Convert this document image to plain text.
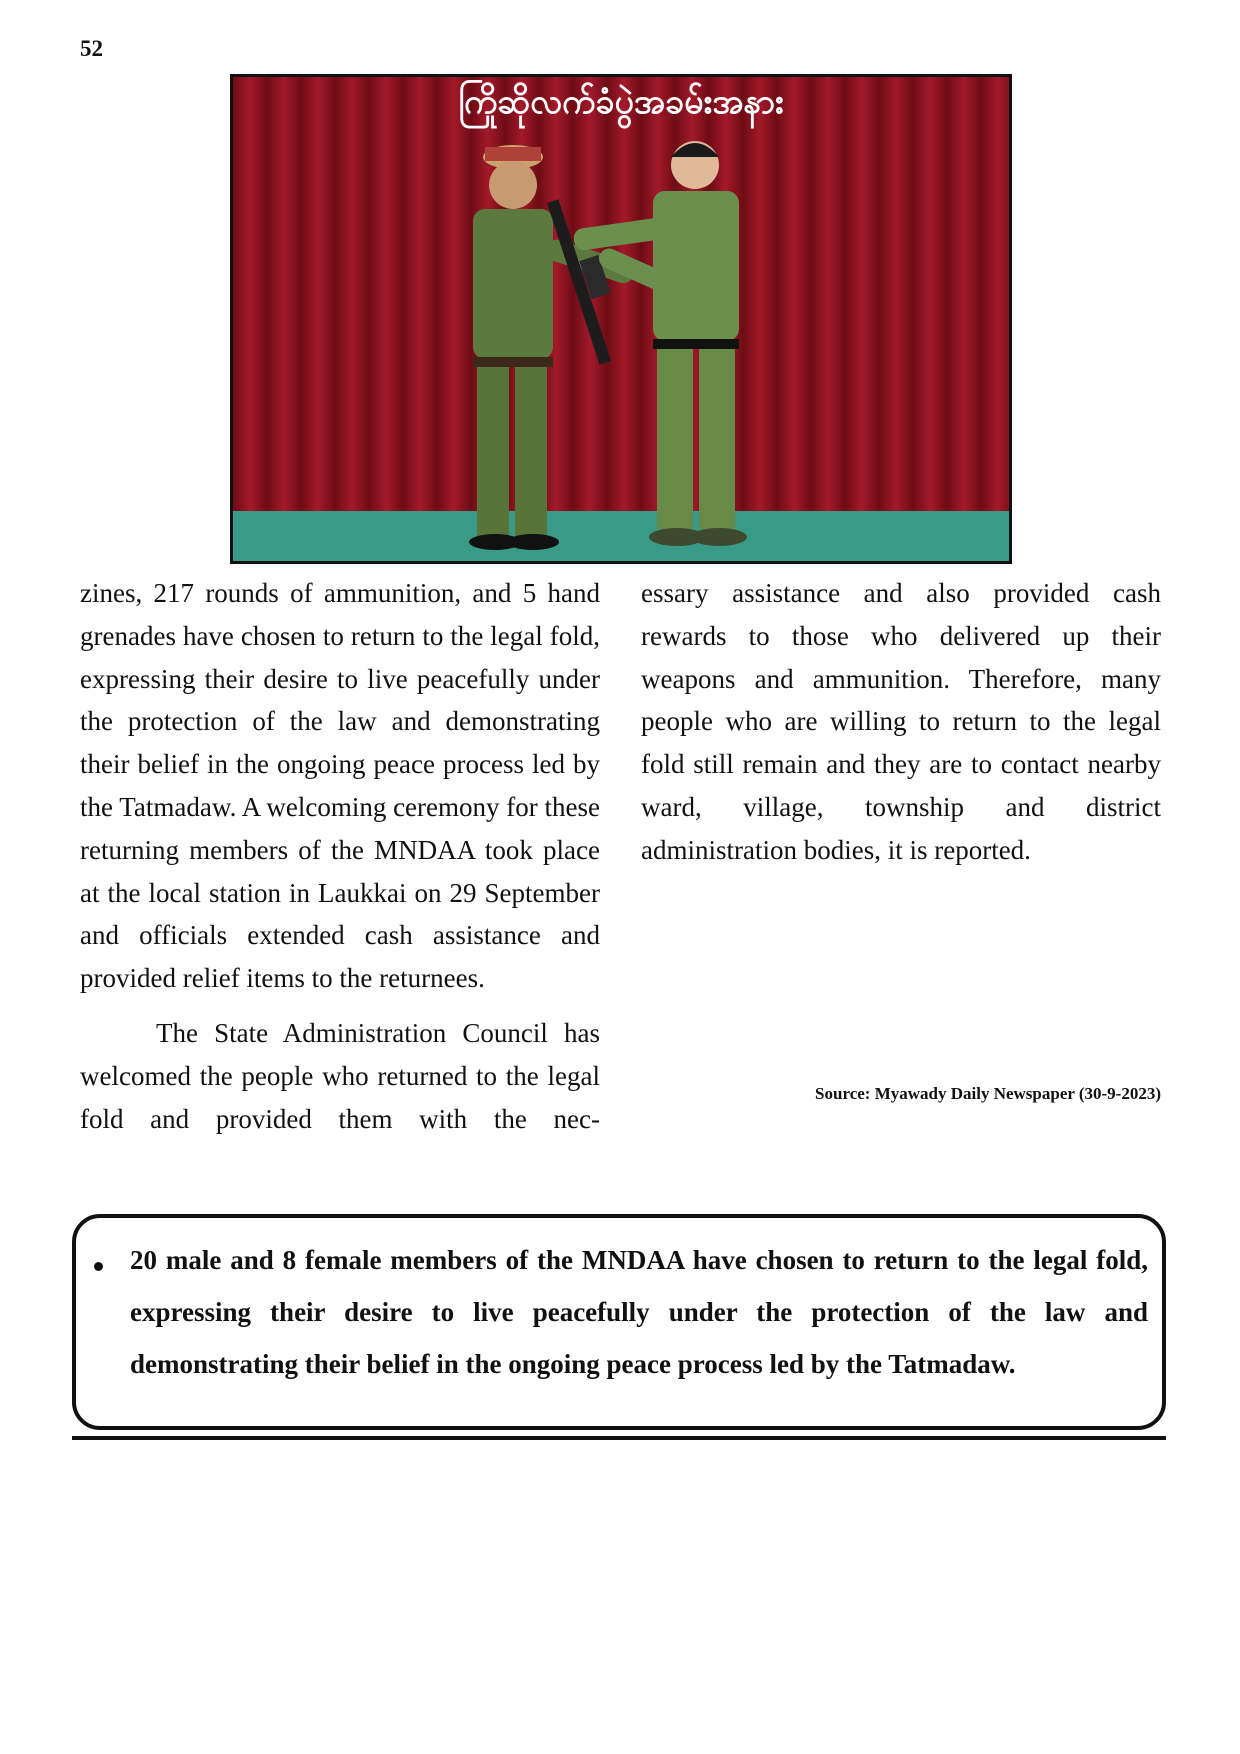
52
ကြိုဆိုလက်ခံပွဲအခမ်းအနား

zines, 217 rounds of ammunition, and 5 hand grenades have chosen to return to the legal fold, expressing their desire to live peacefully under the protection of the law and demonstrating their belief in the ongoing peace process led by the Tatmadaw. A welcoming ceremony for these returning members of the MNDAA took place at the local station in Laukkai on 29 September and officials extended cash assistance and provided relief items to the returnees.

The State Administration Council has welcomed the people who returned to the legal fold and provided them with the nec-

essary assistance and also provided cash rewards to those who delivered up their weapons and ammunition. Therefore, many people who are willing to return to the legal fold still remain and they are to contact nearby ward, village, township and district administration bodies, it is reported.

Source: Myawady Daily Newspaper (30-9-2023)
20 male and 8 female members of the MNDAA have chosen to return to the legal fold, expressing their desire to live peacefully under the protection of the law and demonstrating their belief in the ongoing peace process led by the Tatmadaw.
